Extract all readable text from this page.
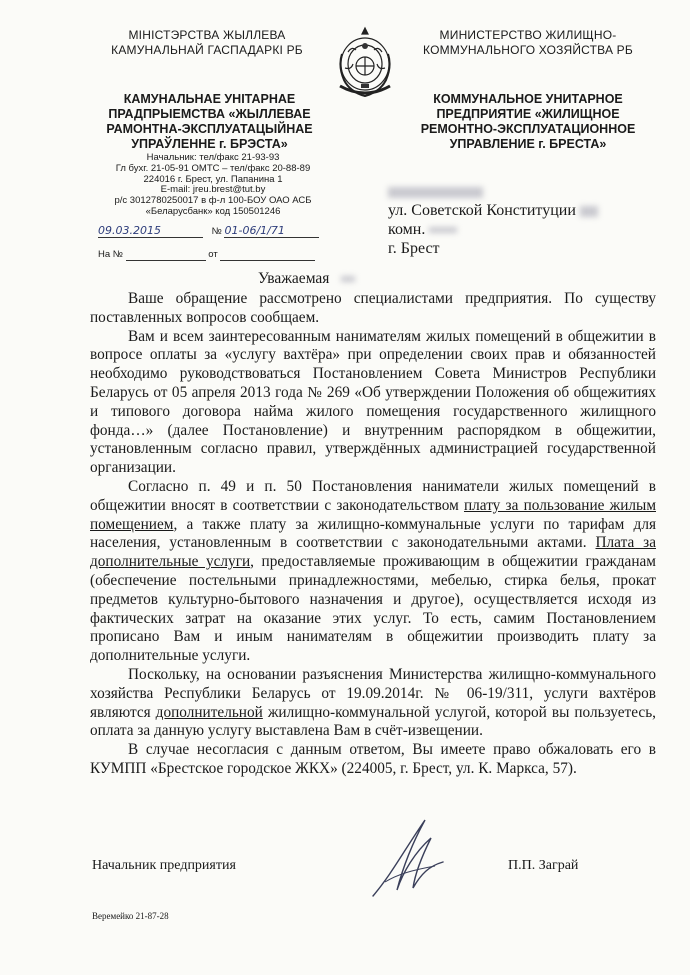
МІНІСТЭРСТВА ЖЫЛЛЕВА
КАМУНАЛЬНАЙ ГАСПАДАРКІ РБ
МИНИСТЕРСТВО ЖИЛИЩНО-
КОММУНАЛЬНОГО ХОЗЯЙСТВА РБ
КАМУНАЛЬНАЕ УНІТАРНАЕ
ПРАДПРЫЕМСТВА «ЖЫЛЛЕВАЕ
РАМОНТНА-ЭКСПЛУАТАЦЫЙНАЕ
УПРАЎЛЕННЕ г. БРЭСТА»
КОММУНАЛЬНОЕ УНИТАРНОЕ
ПРЕДПРИЯТИЕ «ЖИЛИЩНОЕ
РЕМОНТНО-ЭКСПЛУАТАЦИОННОЕ
УПРАВЛЕНИЕ г. БРЕСТА»
Начальник: тел/факс 21-93-93
Гл бухг. 21-05-91 ОМТС – тел/факс 20-88-89
224016 г. Брест, ул. Папанина 1
E-mail: jreu.brest@tut.by
р/с 3012780250017 в ф-л 100-БОУ ОАО АСБ
«Беларусбанк» код 150501246
09.03.2015	№ 01-06/1/71
На №	от
ул. Советской Конституции
комн.
г. Брест
Уважаемая

Ваше обращение рассмотрено специалистами предприятия. По существу поставленных вопросов сообщаем.

Вам и всем заинтересованным нанимателям жилых помещений в общежитии в вопросе оплаты за «услугу вахтёра» при определении своих прав и обязанностей необходимо руководствоваться Постановлением Совета Министров Республики Беларусь от 05 апреля 2013 года № 269 «Об утверждении Положения об общежитиях и типового договора найма жилого помещения государственного жилищного фонда…» (далее Постановление) и внутренним распорядком в общежитии, установленным согласно правил, утверждённых администрацией государственной организации.

Согласно п. 49 и п. 50 Постановления наниматели жилых помещений в общежитии вносят в соответствии с законодательством плату за пользование жилым помещением, а также плату за жилищно-коммунальные услуги по тарифам для населения, установленным в соответствии с законодательными актами. Плата за дополнительные услуги, предоставляемые проживающим в общежитии гражданам (обеспечение постельными принадлежностями, мебелью, стирка белья, прокат предметов культурно-бытового назначения и другое), осуществляется исходя из фактических затрат на оказание этих услуг. То есть, самим Постановлением прописано Вам и иным нанимателям в общежитии производить плату за дополнительные услуги.

Поскольку, на основании разъяснения Министерства жилищно-коммунального хозяйства Республики Беларусь от 19.09.2014г. № 06-19/311, услуги вахтёров являются дополнительной жилищно-коммунальной услугой, которой вы пользуетесь, оплата за данную услугу выставлена Вам в счёт-извещении.

В случае несогласия с данным ответом, Вы имеете право обжаловать его в КУМПП «Брестское городское ЖКХ» (224005, г. Брест, ул. К. Маркса, 57).

Начальник предприятия	П.П. Заграй
Веремейко 21-87-28
